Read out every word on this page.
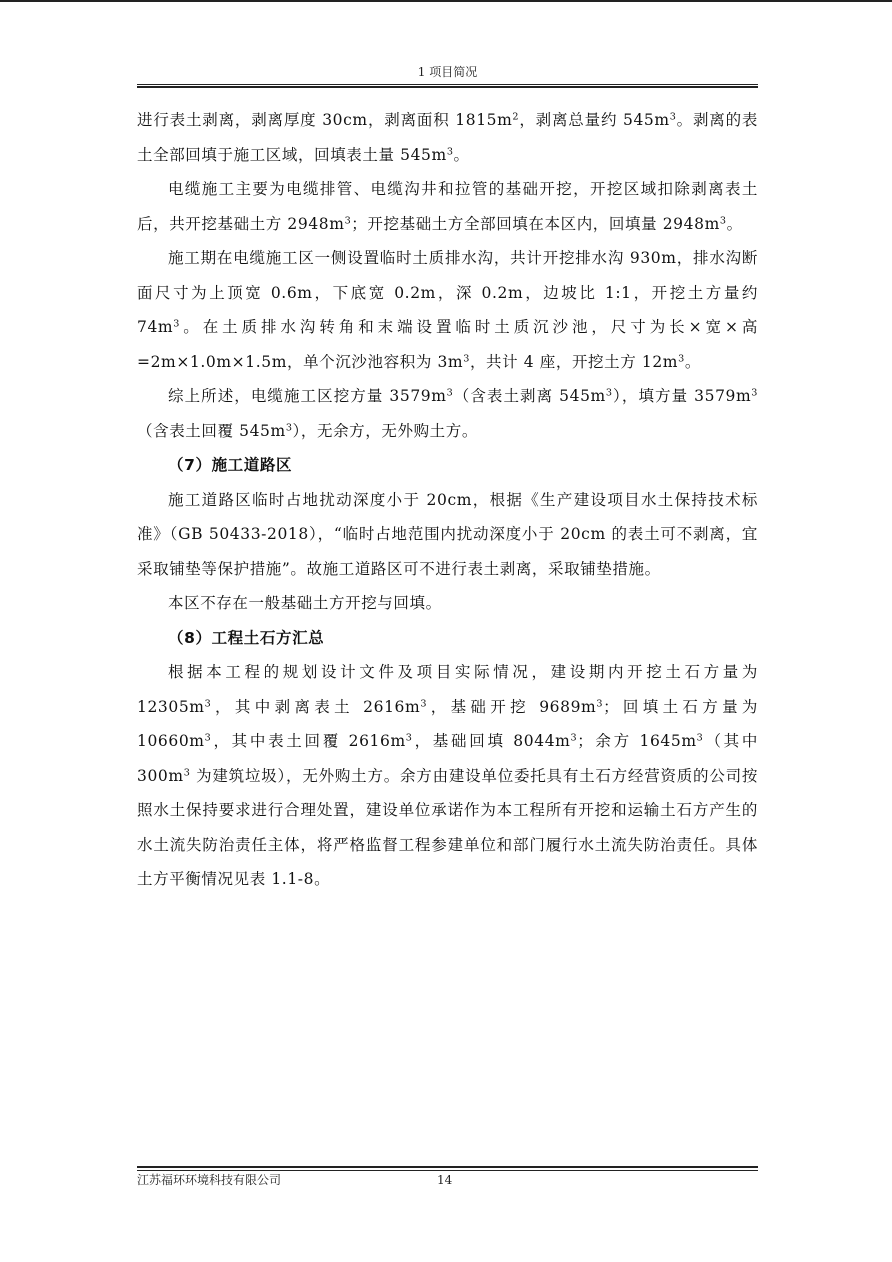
1 项目简况

进行表土剥离，剥离厚度 30cm，剥离面积 $1815m^2$，剥离总量约 $545m^3$。剥离的表土全部回填于施工区域，回填表土量 $545m^3$。

电缆施工主要为电缆排管、电缆沟井和拉管的基础开挖，开挖区域扣除剥离表土后，共开挖基础土方 $2948m^3$；开挖基础土方全部回填在本区内，回填量 $2948m^3$。

施工期在电缆施工区一侧设置临时土质排水沟，共计开挖排水沟 930m，排水沟断面尺寸为上顶宽 0.6m，下底宽 0.2m，深 0.2m，边坡比 1:1，开挖土方量约 $74m^3$。在土质排水沟转角和末端设置临时土质沉沙池，尺寸为长×宽×高 =2m×1.0m×1.5m，单个沉沙池容积为 $3m^3$，共计 4 座，开挖土方 $12m^3$。

综上所述，电缆施工区挖方量 $3579m^3$（含表土剥离 $545m^3$），填方量 $3579m^3$（含表土回覆 $545m^3$），无余方，无外购土方。

（7）施工道路区

施工道路区临时占地扰动深度小于 20cm，根据《生产建设项目水土保持技术标准》（GB 50433-2018），“临时占地范围内扰动深度小于 20cm 的表土可不剥离，宜采取铺垫等保护措施”。故施工道路区可不进行表土剥离，采取铺垫措施。

本区不存在一般基础土方开挖与回填。

（8）工程土石方汇总

根据本工程的规划设计文件及项目实际情况，建设期内开挖土石方量为 $12305m^3$，其中剥离表土 $2616m^3$，基础开挖 $9689m^3$；回填土石方量为 $10660m^3$，其中表土回覆 $2616m^3$，基础回填 $8044m^3$；余方 $1645m^3$（其中 $300m^3$ 为建筑垃圾），无外购土方。余方由建设单位委托具有土石方经营资质的公司按照水土保持要求进行合理处置，建设单位承诺作为本工程所有开挖和运输土石方产生的水土流失防治责任主体，将严格监督工程参建单位和部门履行水土流失防治责任。具体土方平衡情况见表 1.1-8。

江苏福环环境科技有限公司	14
